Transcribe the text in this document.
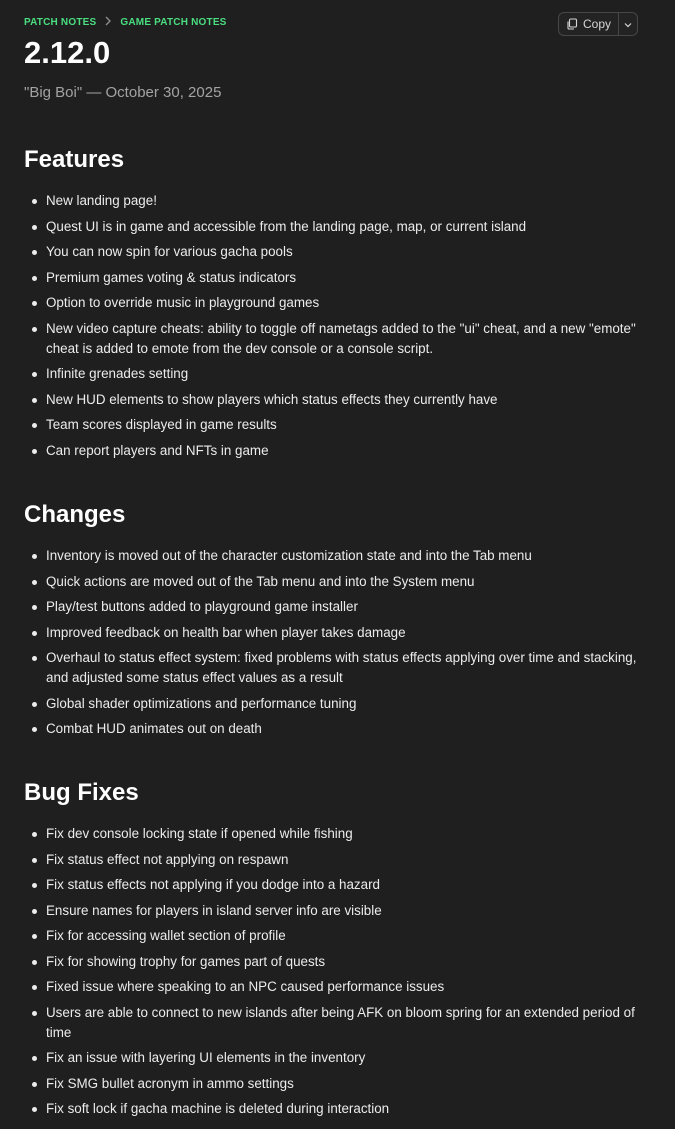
PATCH NOTES GAME PATCH NOTES	Copy
2.12.0
"Big Boi" — October 30, 2025
Features
New landing page!
Quest UI is in game and accessible from the landing page, map, or current island
You can now spin for various gacha pools
Premium games voting & status indicators
Option to override music in playground games
New video capture cheats: ability to toggle off nametags added to the "ui" cheat, and a new "emote" cheat is added to emote from the dev console or a console script.
Infinite grenades setting
New HUD elements to show players which status effects they currently have
Team scores displayed in game results
Can report players and NFTs in game
Changes
Inventory is moved out of the character customization state and into the Tab menu
Quick actions are moved out of the Tab menu and into the System menu
Play/test buttons added to playground game installer
Improved feedback on health bar when player takes damage
Overhaul to status effect system: fixed problems with status effects applying over time and stacking, and adjusted some status effect values as a result
Global shader optimizations and performance tuning
Combat HUD animates out on death
Bug Fixes
Fix dev console locking state if opened while fishing
Fix status effect not applying on respawn
Fix status effects not applying if you dodge into a hazard
Ensure names for players in island server info are visible
Fix for accessing wallet section of profile
Fix for showing trophy for games part of quests
Fixed issue where speaking to an NPC caused performance issues
Users are able to connect to new islands after being AFK on bloom spring for an extended period of time
Fix an issue with layering UI elements in the inventory
Fix SMG bullet acronym in ammo settings
Fix soft lock if gacha machine is deleted during interaction
